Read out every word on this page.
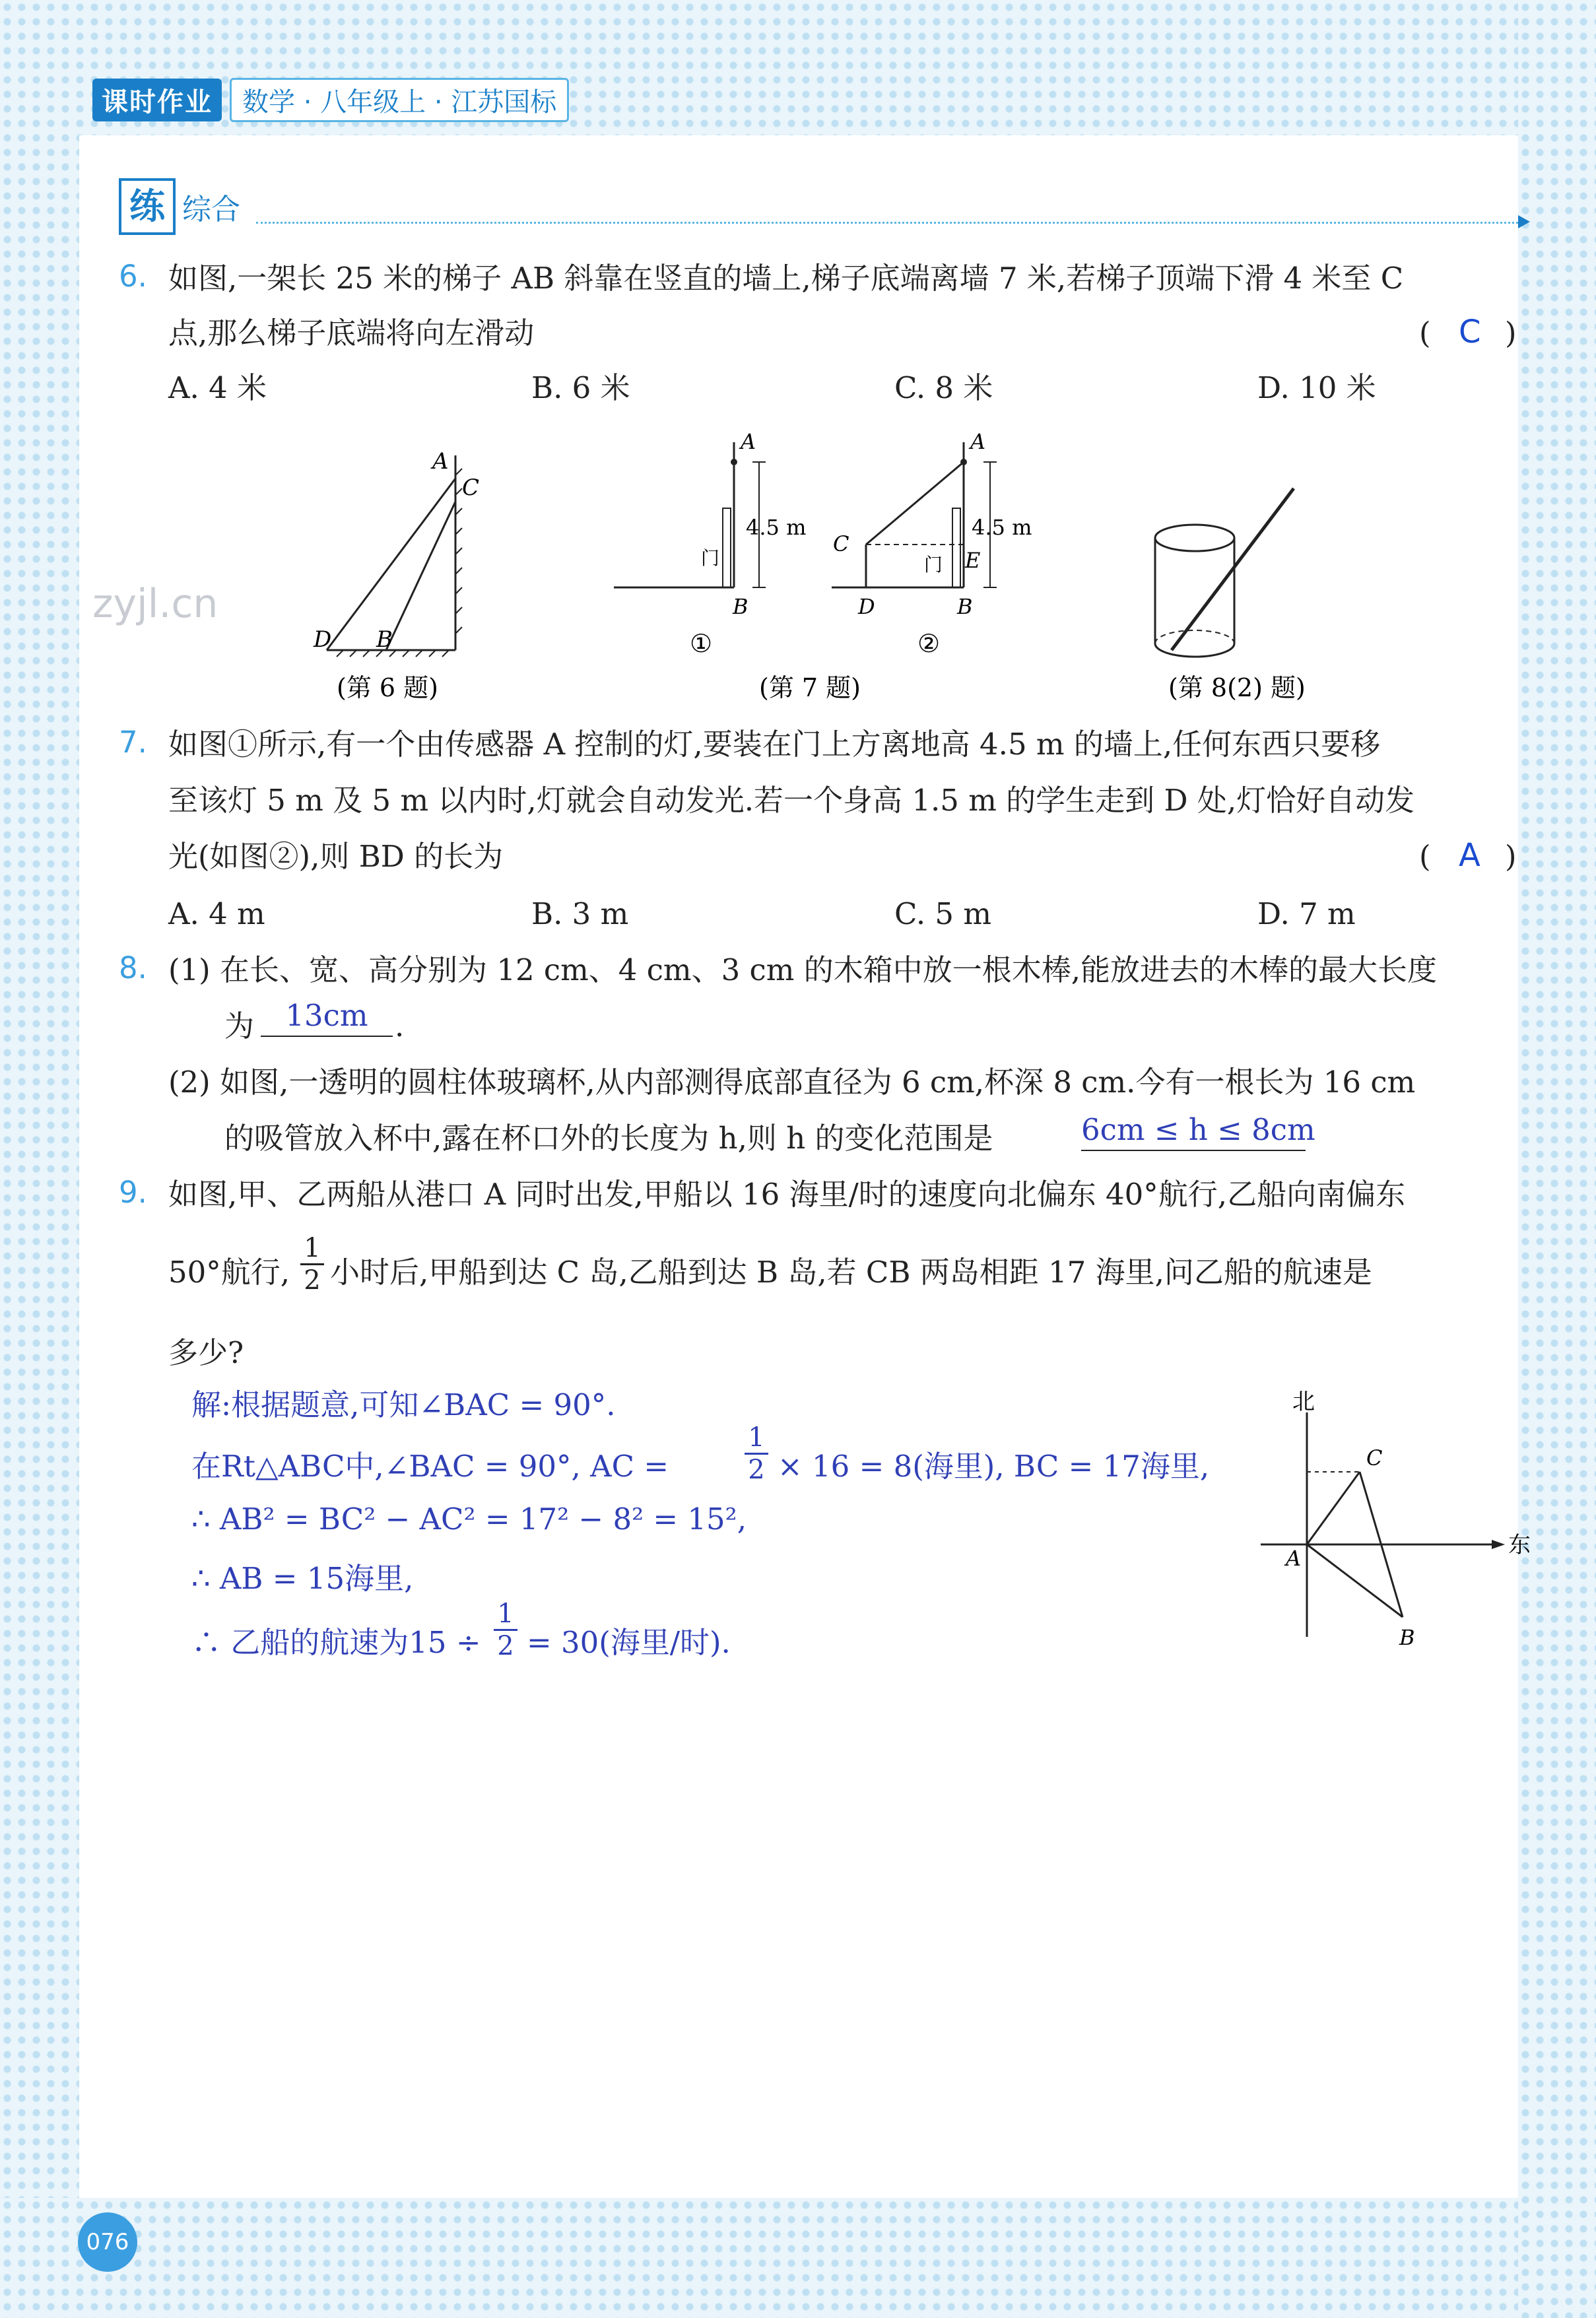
课时作业	数学 · 八年级上 · 江苏国标
练 综合
6. 如图,一架长 25 米的梯子 AB 斜靠在竖直的墙上,梯子底端离墙 7 米,若梯子顶端下滑 4 米至 C
点,那么梯子底端将向左滑动	( C )
A. 4 米	B. 6 米	C. 8 米	D. 10 米
A
C
D B
(第 6 题)
A
B
4.5 m
门
①
A
B
C
D
E
4.5 m
门
②
(第 7 题)	(第 8(2) 题)
zyjl.cn
7. 如图①所示,有一个由传感器 A 控制的灯,要装在门上方离地高 4.5 m 的墙上,任何东西只要移
至该灯 5 m 及 5 m 以内时,灯就会自动发光.若一个身高 1.5 m 的学生走到 D 处,灯恰好自动发
光(如图②),则 BD 的长为	( A )
A. 4 m	B. 3 m	C. 5 m	D. 7 m
8. (1) 在长、宽、高分别为 12 cm、4 cm、3 cm 的木箱中放一根木棒,能放进去的木棒的最大长度
为	13cm .
(2) 如图,一透明的圆柱体玻璃杯,从内部测得底部直径为 6 cm,杯深 8 cm.今有一根长为 16 cm
的吸管放入杯中,露在杯口外的长度为 h,则 h 的变化范围是	6cm ≤ h ≤ 8cm
9. 如图,甲、乙两船从港口 A 同时出发,甲船以 16 海里/时的速度向北偏东 40°航行,乙船向南偏东
50°航行, $\frac{1}{2}$ 小时后,甲船到达 C 岛,乙船到达 B 岛,若 CB 两岛相距 17 海里,问乙船的航速是
多少?
解:根据题意,可知∠BAC = 90°.
在Rt△ABC中,∠BAC = 90°, AC =	$\frac{1}{2} \times 16 = 8$(海里), BC = 17海里,
∴ AB² = BC² − AC² = 17² − 8² = 15²,
∴ AB = 15海里,
∴ 乙船的航速为$15 \div \frac{1}{2} = 30$(海里/时).
北
东
A
C
B
076
